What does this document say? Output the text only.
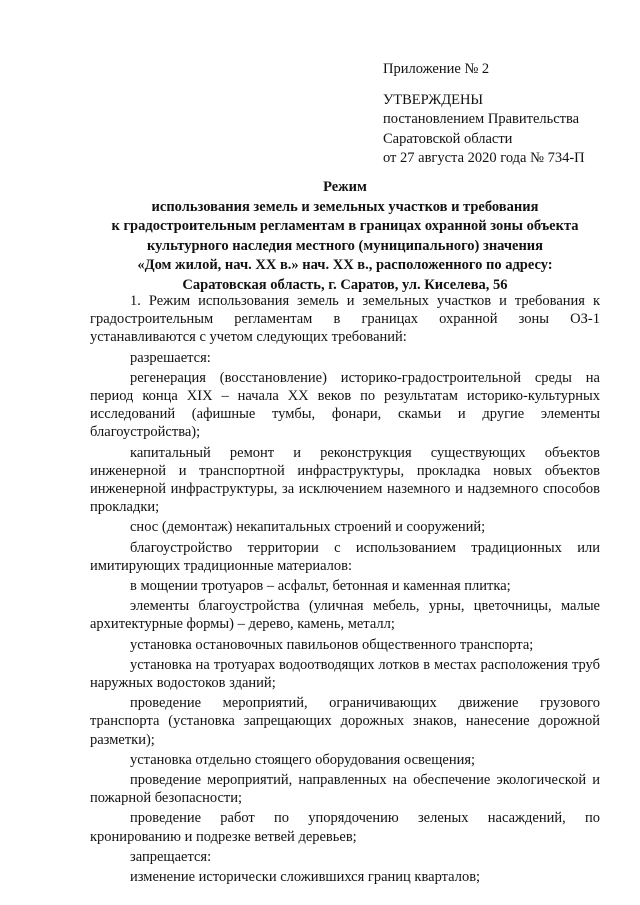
Приложение № 2
УТВЕРЖДЕНЫ
постановлением Правительства
Саратовской области
от 27 августа 2020 года № 734-П
Режим
использования земель и земельных участков и требования
к градостроительным регламентам в границах охранной зоны объекта
культурного наследия местного (муниципального) значения
«Дом жилой, нач. XX в.» нач. XX в., расположенного по адресу:
Саратовская область, г. Саратов, ул. Киселева, 56

1. Режим использования земель и земельных участков и требования к градостроительным регламентам в границах охранной зоны ОЗ-1 устанавливаются с учетом следующих требований:

разрешается:

регенерация (восстановление) историко-градостроительной среды на период конца XIX – начала XX веков по результатам историко-культурных исследований (афишные тумбы, фонари, скамьи и другие элементы благоустройства);

капитальный ремонт и реконструкция существующих объектов инженерной и транспортной инфраструктуры, прокладка новых объектов инженерной инфраструктуры, за исключением наземного и надземного способов прокладки;

снос (демонтаж) некапитальных строений и сооружений;

благоустройство территории с использованием традиционных или имитирующих традиционные материалов:

в мощении тротуаров – асфальт, бетонная и каменная плитка;

элементы благоустройства (уличная мебель, урны, цветочницы, малые архитектурные формы) – дерево, камень, металл;

установка остановочных павильонов общественного транспорта;

установка на тротуарах водоотводящих лотков в местах расположения труб наружных водостоков зданий;

проведение мероприятий, ограничивающих движение грузового транспорта (установка запрещающих дорожных знаков, нанесение дорожной разметки);

установка отдельно стоящего оборудования освещения;

проведение мероприятий, направленных на обеспечение экологической и пожарной безопасности;

проведение работ по упорядочению зеленых насаждений, по кронированию и подрезке ветвей деревьев;

запрещается:

изменение исторически сложившихся границ кварталов;
